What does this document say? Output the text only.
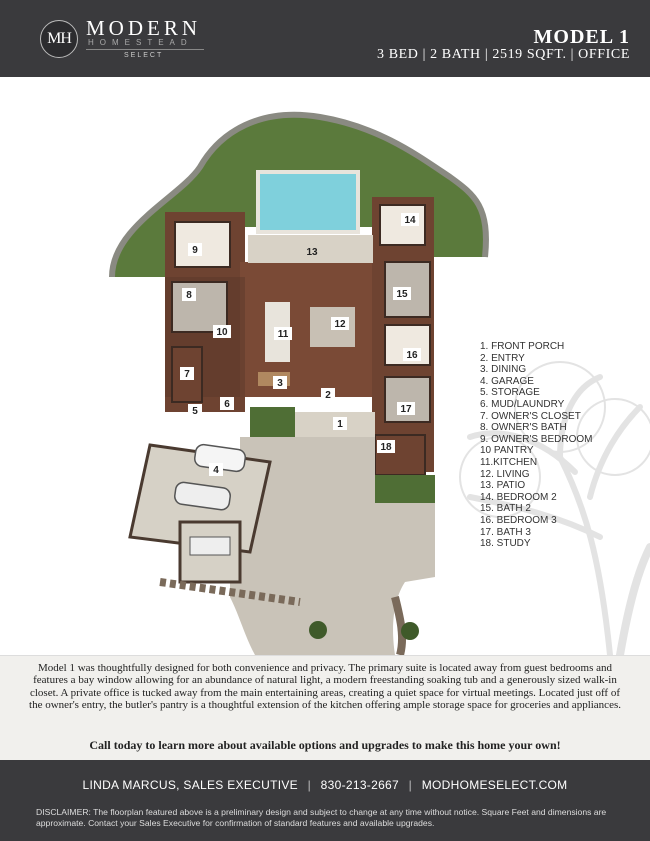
MH MODERN
HOMESTEAD
SELECT
MODEL 1
3 BED | 2 BATH | 2519 SQFT. | OFFICE
1
2
3
4
5
6
7
8
9
10	11
12
13
14
15
16
17
18
1. FRONT PORCH
2. ENTRY
3. DINING
4. GARAGE
5. STORAGE
6. MUD/LAUNDRY
7. OWNER'S CLOSET
8. OWNER'S BATH
9. OWNER'S BEDROOM
10 PANTRY
11.KITCHEN
12. LIVING
13. PATIO
14. BEDROOM 2
15. BATH 2
16. BEDROOM 3
17. BATH 3
18. STUDY

Model 1 was thoughtfully designed for both convenience and privacy. The primary suite is located away from guest bedrooms and features a bay window allowing for an abundance of natural light, a modern freestanding soaking tub and a generously sized walk-in closet. A private office is tucked away from the main entertaining areas, creating a quiet space for virtual meetings. Located just off of the owner's entry, the butler's pantry is a thoughtful extension of the kitchen offering ample storage space for groceries and appliances.

Call today to learn more about available options and upgrades to make this home your own!

LINDA MARCUS, SALES EXECUTIVE | 830-213-2667 | MODHOMESELECT.COM

DISCLAIMER: The floorplan featured above is a preliminary design and subject to change at any time without notice. Square Feet and dimensions are approximate. Contact your Sales Executive for confirmation of standard features and available upgrades.
